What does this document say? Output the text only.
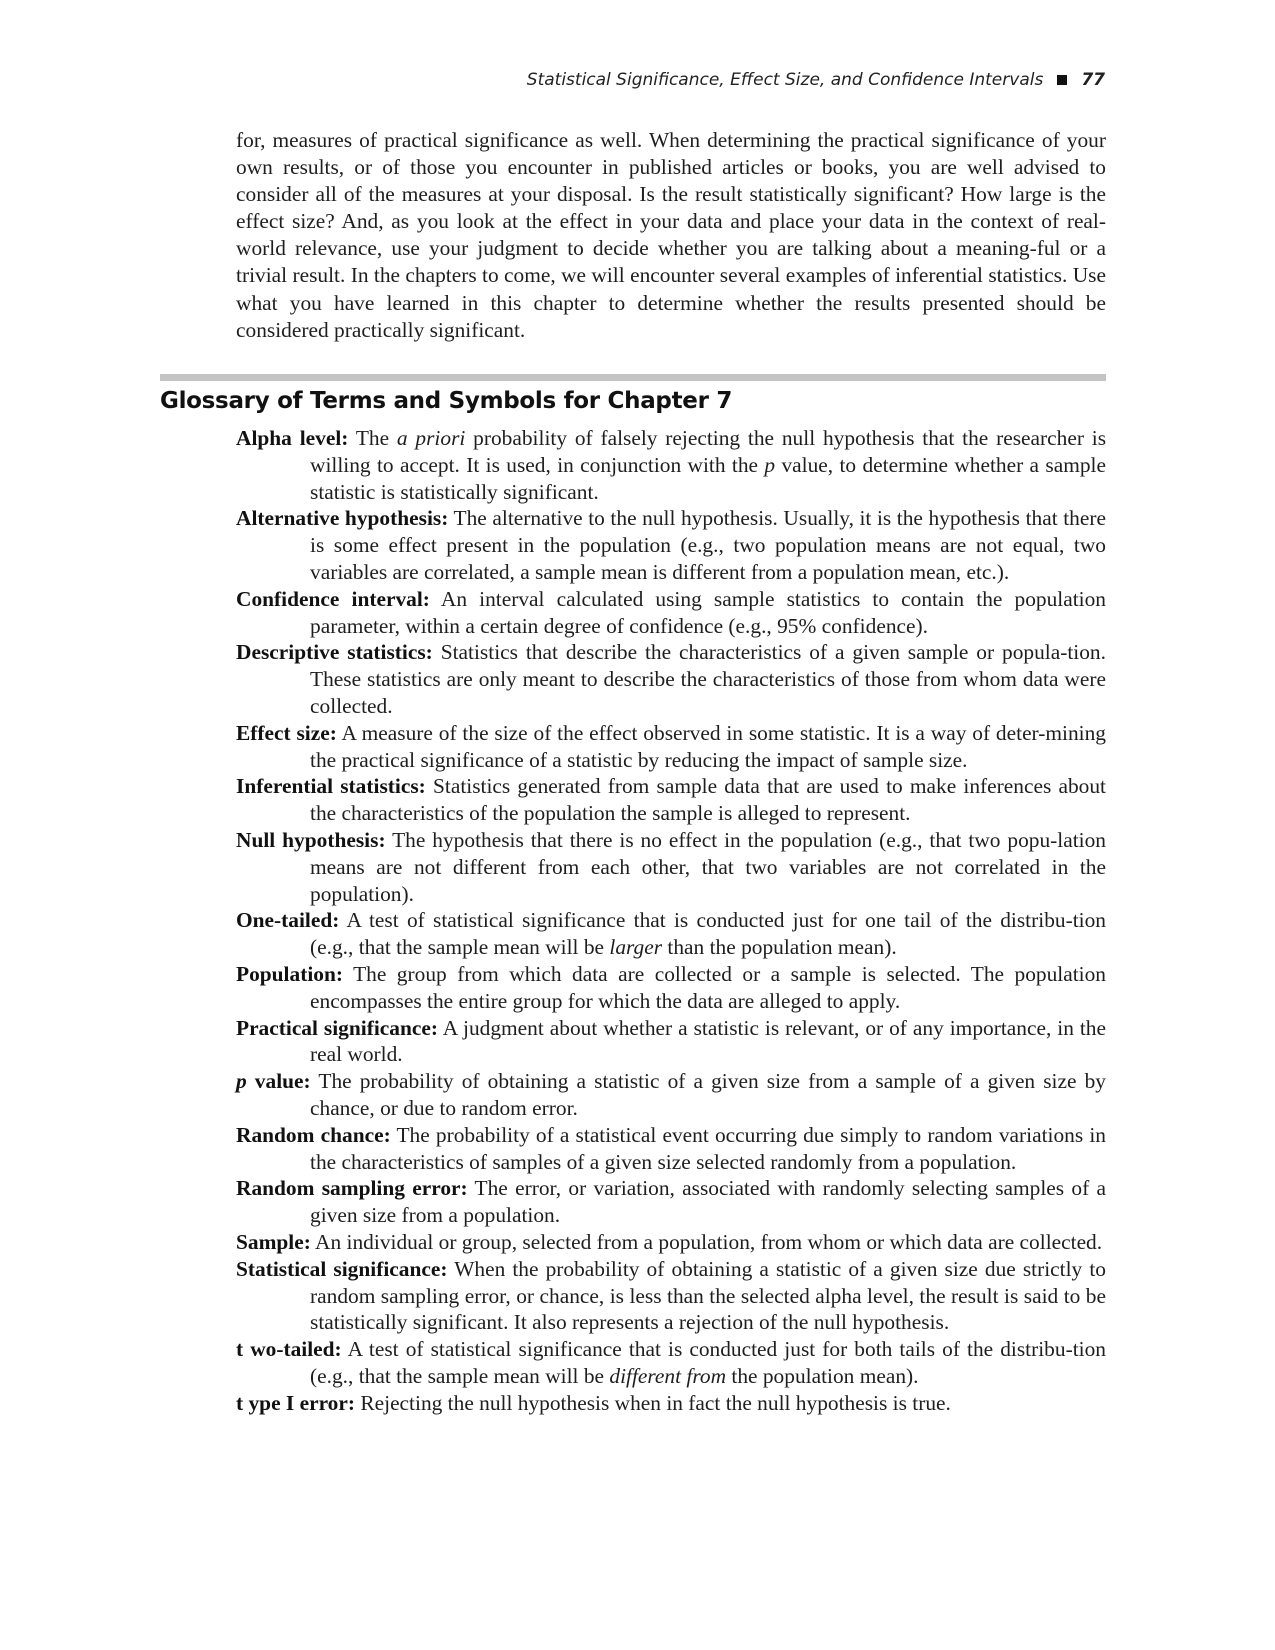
Statistical Significance, Effect Size, and Confidence Intervals 77

for, measures of practical significance as well. When determining the practical significance of your own results, or of those you encounter in published articles or books, you are well advised to consider all of the measures at your disposal. Is the result statistically significant? How large is the effect size? And, as you look at the effect in your data and place your data in the context of real-world relevance, use your judgment to decide whether you are talking about a meaning-ful or a trivial result. In the chapters to come, we will encounter several examples of inferential statistics. Use what you have learned in this chapter to determine whether the results presented should be considered practically significant.

Glossary of Terms and Symbols for Chapter 7

Alpha level: The a priori probability of falsely rejecting the null hypothesis that the researcher is willing to accept. It is used, in conjunction with the p value, to determine whether a sample statistic is statistically significant.

Alternative hypothesis: The alternative to the null hypothesis. Usually, it is the hypothesis that there is some effect present in the population (e.g., two population means are not equal, two variables are correlated, a sample mean is different from a population mean, etc.).

Confidence interval: An interval calculated using sample statistics to contain the population parameter, within a certain degree of confidence (e.g., 95% confidence).

Descriptive statistics: Statistics that describe the characteristics of a given sample or popula-tion. These statistics are only meant to describe the characteristics of those from whom data were collected.

Effect size: A measure of the size of the effect observed in some statistic. It is a way of deter-mining the practical significance of a statistic by reducing the impact of sample size.

Inferential statistics: Statistics generated from sample data that are used to make inferences about the characteristics of the population the sample is alleged to represent.

Null hypothesis: The hypothesis that there is no effect in the population (e.g., that two popu-lation means are not different from each other, that two variables are not correlated in the population).

One-tailed: A test of statistical significance that is conducted just for one tail of the distribu-tion (e.g., that the sample mean will be larger than the population mean).

Population: The group from which data are collected or a sample is selected. The population encompasses the entire group for which the data are alleged to apply.

Practical significance: A judgment about whether a statistic is relevant, or of any importance, in the real world.

p value: The probability of obtaining a statistic of a given size from a sample of a given size by chance, or due to random error.

Random chance: The probability of a statistical event occurring due simply to random variations in the characteristics of samples of a given size selected randomly from a population.

Random sampling error: The error, or variation, associated with randomly selecting samples of a given size from a population.

Sample: An individual or group, selected from a population, from whom or which data are collected.

Statistical significance: When the probability of obtaining a statistic of a given size due strictly to random sampling error, or chance, is less than the selected alpha level, the result is said to be statistically significant. It also represents a rejection of the null hypothesis.

t wo-tailed: A test of statistical significance that is conducted just for both tails of the distribu-tion (e.g., that the sample mean will be different from the population mean).

t ype I error: Rejecting the null hypothesis when in fact the null hypothesis is true.
